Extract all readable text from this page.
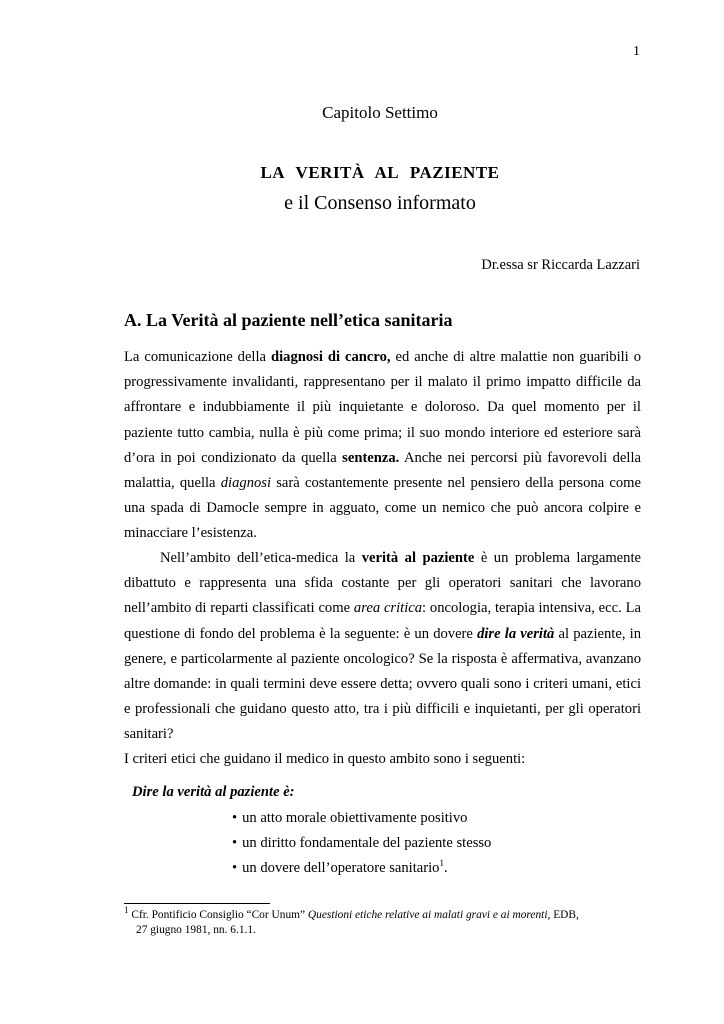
1
Capitolo Settimo
LA VERITÀ AL PAZIENTE
e il Consenso informato
Dr.essa sr Riccarda Lazzari
A. La Verità al paziente nell’etica sanitaria
La comunicazione della diagnosi di cancro, ed anche di altre malattie non guaribili o progressivamente invalidanti, rappresentano per il malato il primo impatto difficile da affrontare e indubbiamente il più inquietante e doloroso. Da quel momento per il paziente tutto cambia, nulla è più come prima; il suo mondo interiore ed esteriore sarà d’ora in poi condizionato da quella sentenza. Anche nei percorsi più favorevoli della malattia, quella diagnosi sarà costantemente presente nel pensiero della persona come una spada di Damocle sempre in agguato, come un nemico che può ancora colpire e minacciare l’esistenza.
Nell’ambito dell’etica-medica la verità al paziente è un problema largamente dibattuto e rappresenta una sfida costante per gli operatori sanitari che lavorano nell’ambito di reparti classificati come area critica: oncologia, terapia intensiva, ecc. La questione di fondo del problema è la seguente: è un dovere dire la verità al paziente, in genere, e particolarmente al paziente oncologico? Se la risposta è affermativa, avanzano altre domande: in quali termini deve essere detta; ovvero quali sono i criteri umani, etici e professionali che guidano questo atto, tra i più difficili e inquietanti, per gli operatori sanitari?
I criteri etici che guidano il medico in questo ambito sono i seguenti:
Dire la verità al paziente è:
• un atto morale obiettivamente positivo
• un diritto fondamentale del paziente stesso
• un dovere dell’operatore sanitario$^1$.
$^1$ Cfr. Pontificio Consiglio “Cor Unum” Questioni etiche relative ai malati gravi e ai morenti, EDB,
27 giugno 1981, nn. 6.1.1.
